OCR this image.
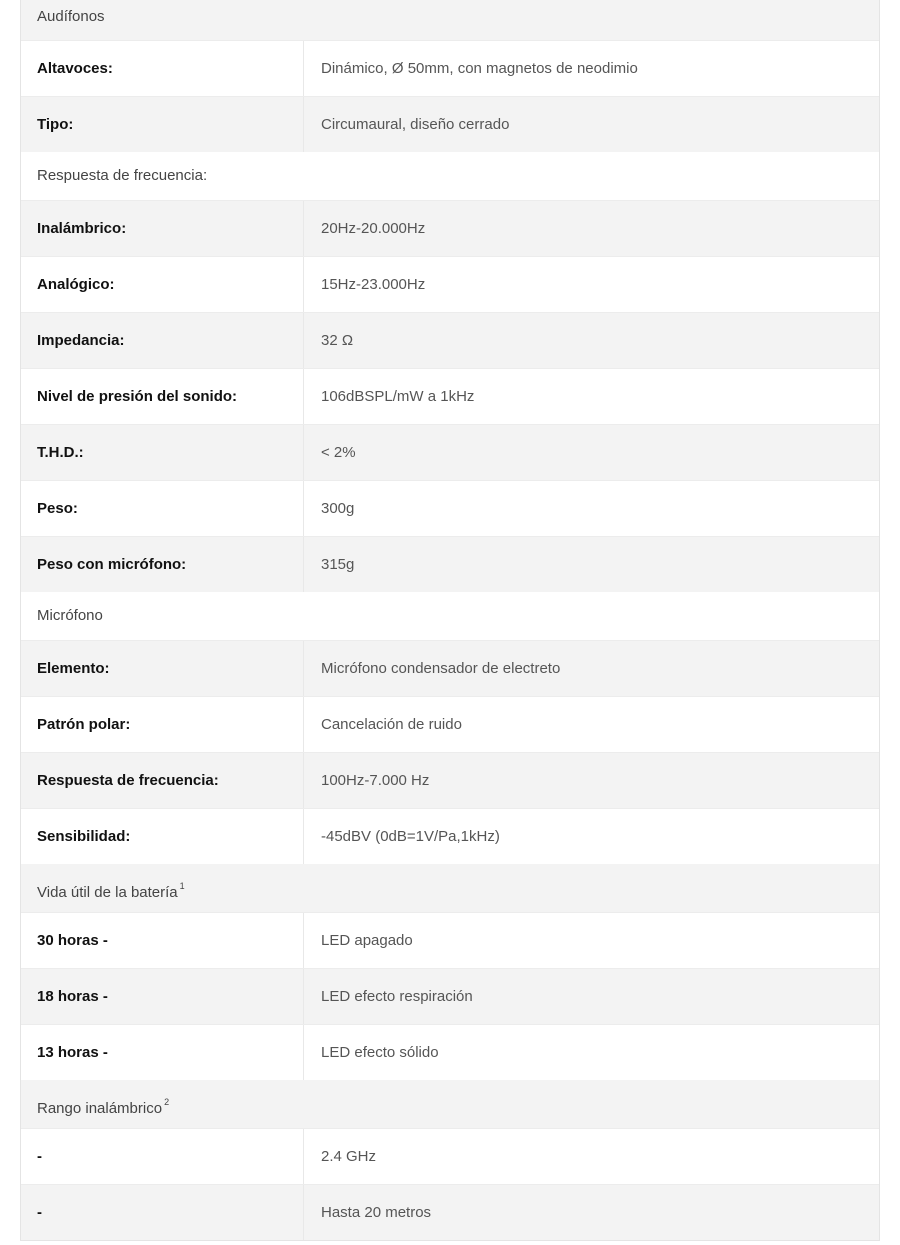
Audífonos
Altavoces:	Dinámico, Ø 50mm, con magnetos de neodimio
Tipo:	Circumaural, diseño cerrado
Respuesta de frecuencia:
Inalámbrico:	20Hz-20.000Hz
Analógico:	15Hz-23.000Hz
Impedancia:	32 Ω
Nivel de presión del sonido:	106dBSPL/mW a 1kHz
T.H.D.:	< 2%
Peso:	300g
Peso con micrófono:	315g
Micrófono
Elemento:	Micrófono condensador de electreto
Patrón polar:	Cancelación de ruido
Respuesta de frecuencia:	100Hz-7.000 Hz
Sensibilidad:	-45dBV (0dB=1V/Pa,1kHz)
Vida útil de la batería $^1$
30 horas -	LED apagado
18 horas -	LED efecto respiración
13 horas -	LED efecto sólido
Rango inalámbrico $^2$
-	2.4 GHz
-	Hasta 20 metros
